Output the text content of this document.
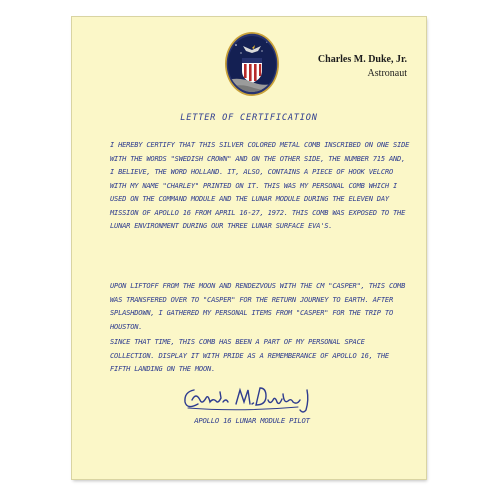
Charles M. Duke, Jr.
Astronaut
LETTER OF CERTIFICATION

I HEREBY CERTIFY THAT THIS SILVER COLORED METAL COMB INSCRIBED ON ONE SIDE WITH THE WORDS "SWEDISH CROWN" AND ON THE OTHER SIDE, THE NUMBER 715 AND, I BELIEVE, THE WORD HOLLAND. IT, ALSO, CONTAINS A PIECE OF HOOK VELCRO WITH MY NAME "CHARLEY" PRINTED ON IT. THIS WAS MY PERSONAL COMB WHICH I USED ON THE COMMAND MODULE AND THE LUNAR MODULE DURING THE ELEVEN DAY MISSION OF APOLLO 16 FROM APRIL 16-27, 1972. THIS COMB WAS EXPOSED TO THE LUNAR ENVIRONMENT DURING OUR THREE LUNAR SURFACE EVA'S.

UPON LIFTOFF FROM THE MOON AND RENDEZVOUS WITH THE CM "CASPER", THIS COMB WAS TRANSFERED OVER TO "CASPER" FOR THE RETURN JOURNEY TO EARTH. AFTER SPLASHDOWN, I GATHERED MY PERSONAL ITEMS FROM "CASPER" FOR THE TRIP TO HOUSTON.

SINCE THAT TIME, THIS COMB HAS BEEN A PART OF MY PERSONAL SPACE COLLECTION. DISPLAY IT WITH PRIDE AS A REMEMBERANCE OF APOLLO 16, THE FIFTH LANDING ON THE MOON.

APOLLO 16 LUNAR MODULE PILOT
